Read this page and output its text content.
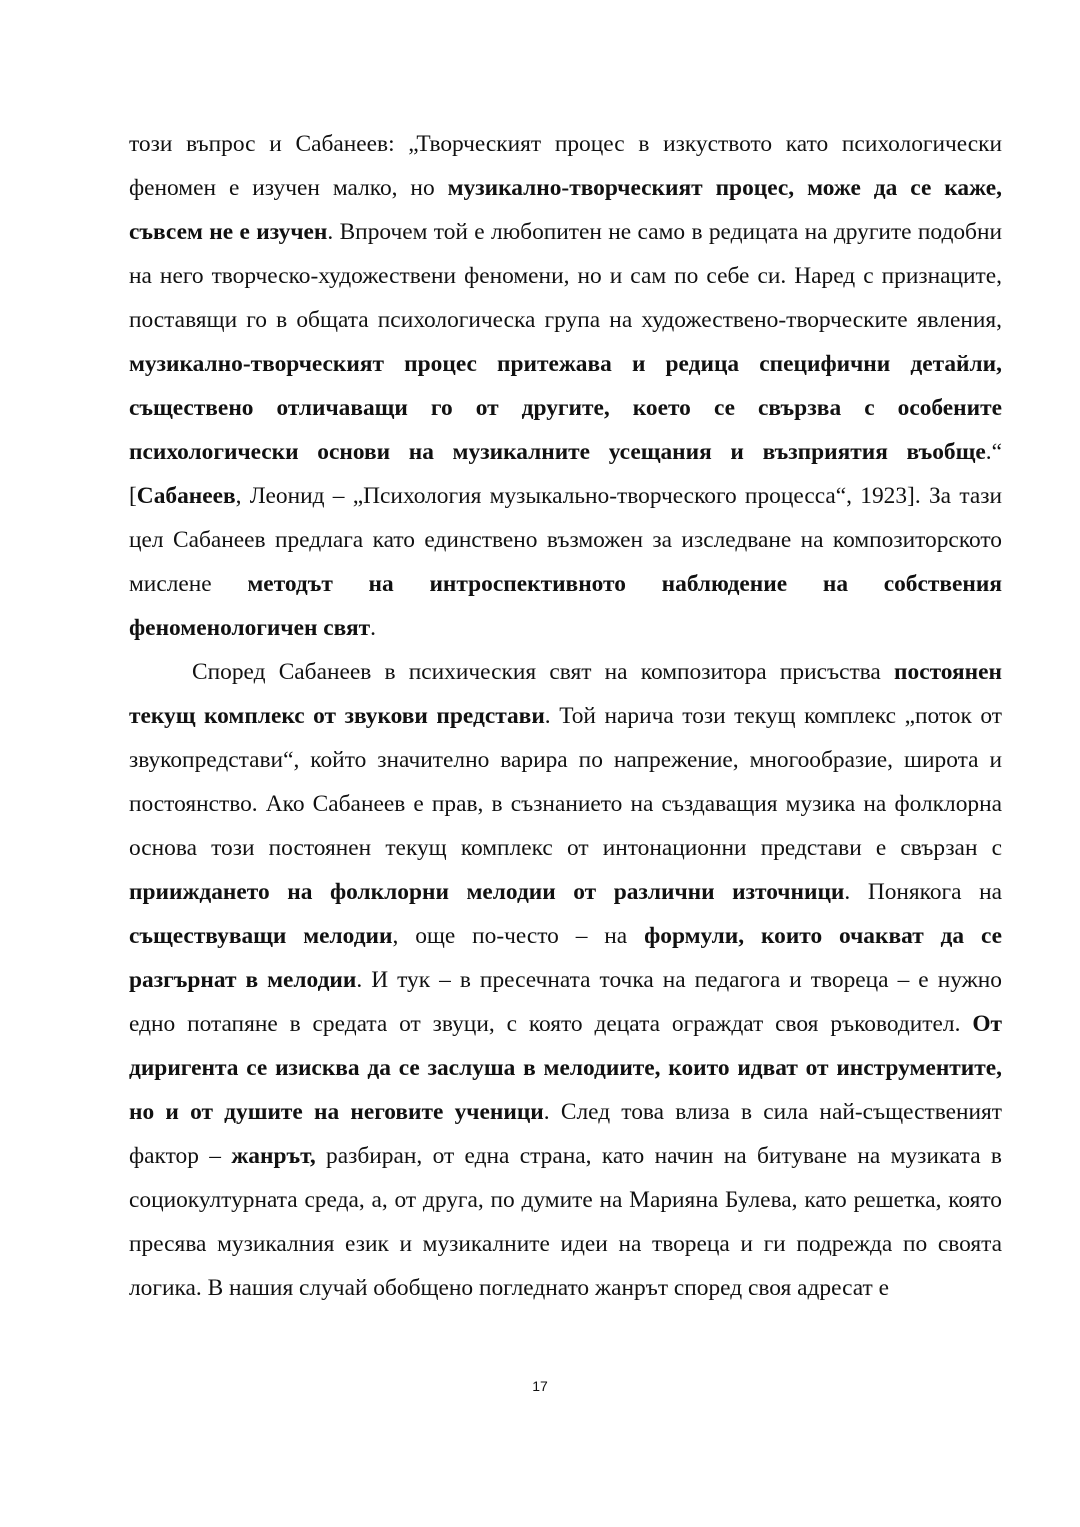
този въпрос и Сабанеев: „Творческият процес в изкуството като психологически феномен е изучен малко, но музикално-творческият процес, може да се каже, съвсем не е изучен. Впрочем той е любопитен не само в редицата на другите подобни на него творческо-художествени феномени, но и сам по себе си. Наред с признаците, поставящи го в общата психологическа група на художествено-творческите явления, музикално-творческият процес притежава и редица специфични детайли, съществено отличаващи го от другите, което се свързва с особените психологически основи на музикалните усещания и възприятия въобще.“ [Сабанеев, Леонид – „Психология музыкально-творческого процесса“, 1923]. За тази цел Сабанеев предлага като единствено възможен за изследване на композиторското мислене методът на интроспективното наблюдение на собствения феноменологичен свят.

Според Сабанеев в психическия свят на композитора присъства постоянен текущ комплекс от звукови представи. Той нарича този текущ комплекс „поток от звукопредстави“, който значително варира по напрежение, многообразие, широта и постоянство. Ако Сабанеев е прав, в съзнанието на създаващия музика на фолклорна основа този постоянен текущ комплекс от интонационни представи е свързан с прииждането на фолклорни мелодии от различни източници. Понякога на съществуващи мелодии, още по-често – на формули, които очакват да се разгърнат в мелодии. И тук – в пресечната точка на педагога и твореца – е нужно едно потапяне в средата от звуци, с която децата ограждат своя ръководител. От диригента се изисква да се заслуша в мелодиите, които идват от инструментите, но и от душите на неговите ученици. След това влиза в сила най-същественият фактор – жанрът, разбиран, от една страна, като начин на битуване на музиката в социокултурната среда, а, от друга, по думите на Марияна Булева, като решетка, която пресява музикалния език и музикалните идеи на твореца и ги подрежда по своята логика. В нашия случай обобщено погледнато жанрът според своя адресат е

17
